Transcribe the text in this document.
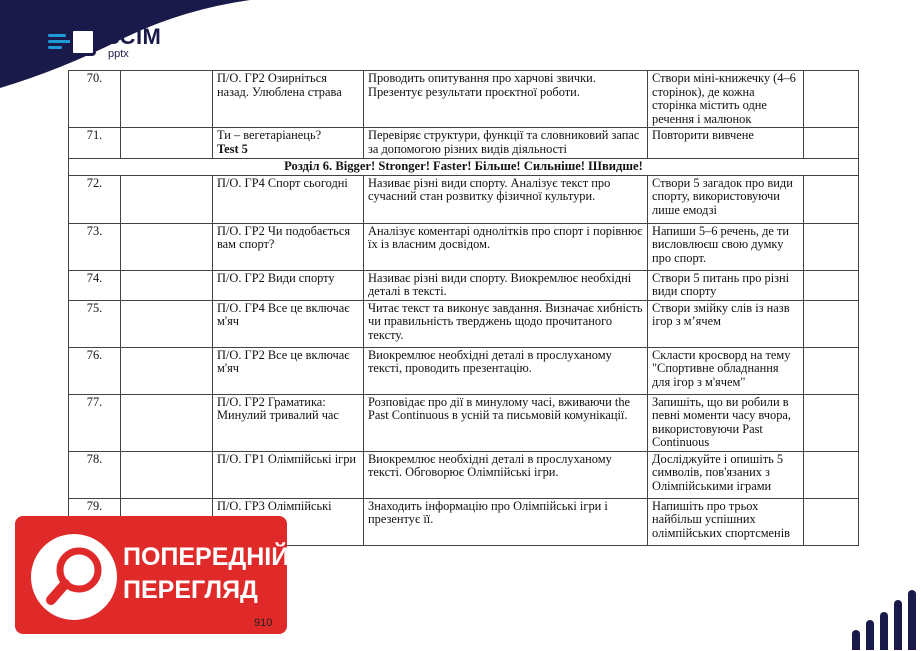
ВСІМ
pptx
70.		П/О. ГР2 Озирніться назад. Улюблена страва	Проводить опитування про харчові звички. Презентує результати проєктної роботи.	Створи міні-книжечку (4–6 сторінок), де кожна сторінка містить одне речення і малюнок	
71.		Ти – вегетаріанець?
Test 5	Перевіряє структури, функції та словниковий запас за допомогою різних видів діяльності	Повторити вивчене	
Розділ 6. Bigger! Stronger! Faster! Більше! Сильніше! Швидше!					
72.		П/О. ГР4 Спорт сьогодні	Називає різні види спорту. Аналізує текст про сучасний стан розвитку фізичної культури.	Створи 5 загадок про види спорту, використовуючи лише емодзі	
73.		П/О. ГР2 Чи подобається вам спорт?	Аналізує коментарі однолітків про спорт і порівнює їх із власним досвідом.	Напиши 5–6 речень, де ти висловлюєш свою думку про спорт.	
74.		П/О. ГР2 Види спорту	Називає різні види спорту. Виокремлює необхідні деталі в тексті.	Створи 5 питань про різні види спорту	
75.		П/О. ГР4 Все це включає м'яч	Читає текст та виконує завдання. Визначає хибність чи правильність тверджень щодо прочитаного тексту.	Створи змійку слів із назв ігор з м’ячем	
76.		П/О. ГР2 Все це включає м'яч	Виокремлює необхідні деталі в прослуханому тексті, проводить презентацію.	Скласти кросворд на тему "Спортивне обладнання для ігор з м'ячем"	
77.		П/О. ГР2 Граматика: Минулий тривалий час	Розповідає про дії в минулому часі, вживаючи the Past Continuous в усній та письмовій комунікації.	Запишіть, що ви робили в певні моменти часу вчора, використовуючи Past Continuous	
78.		П/О. ГР1 Олімпійські ігри	Виокремлює необхідні деталі в прослуханому тексті. Обговорює Олімпійські ігри.	Досліджуйте і опишіть 5 символів, пов'язаних з Олімпійськими іграми	
79.		П/О. ГР3 Олімпійські	Знаходить інформацію про Олімпійські ігри і презентує її.	Напишіть про трьох найбільш успішних олімпійських спортсменів	
ПОПЕРЕДНІЙ
ПЕРЕГЛЯД
910
